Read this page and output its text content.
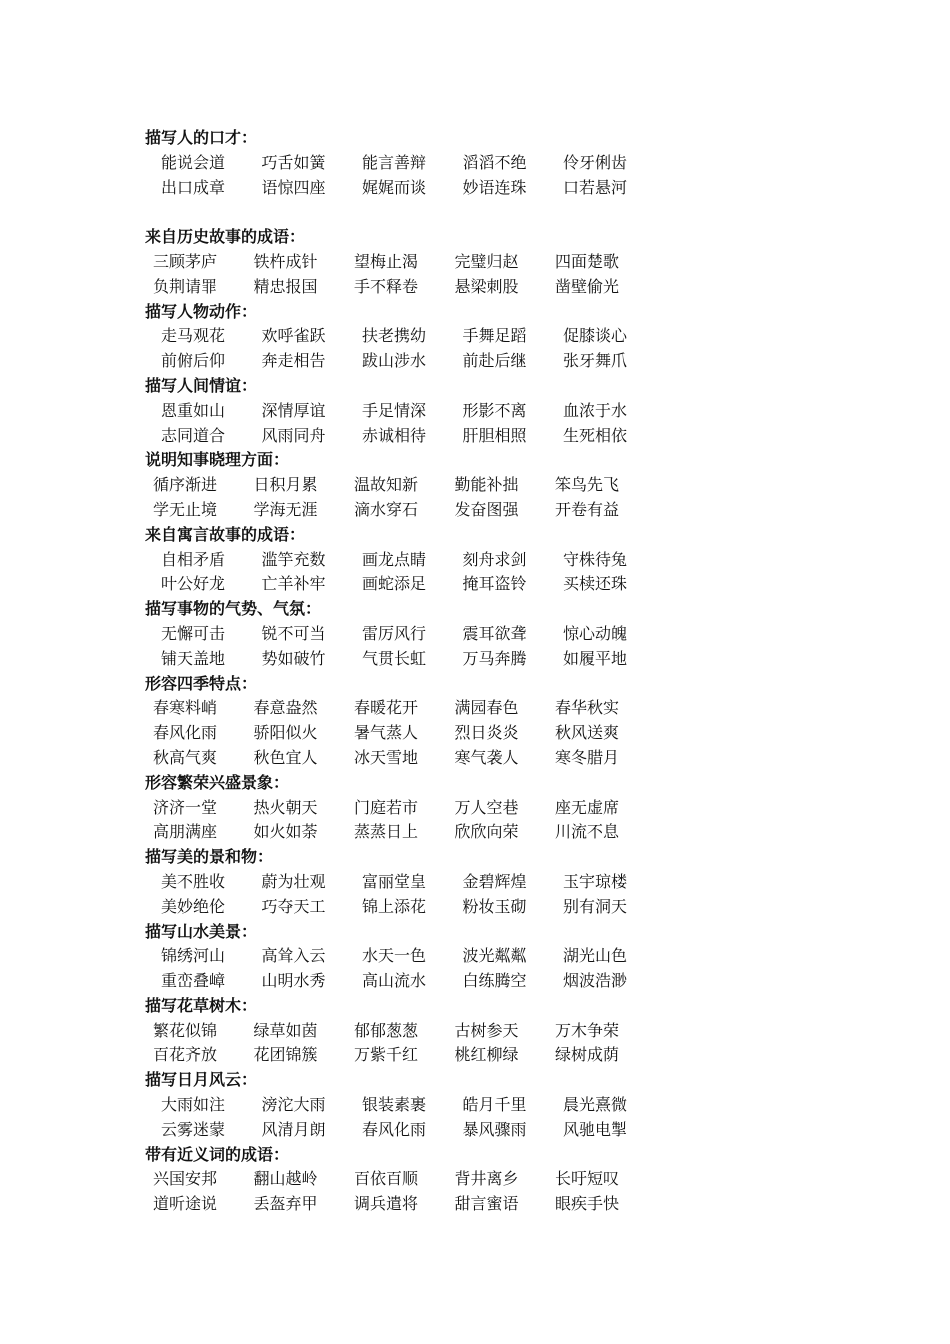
描写人的口才：
能说会道	巧舌如簧	能言善辩	滔滔不绝	伶牙俐齿
出口成章	语惊四座	娓娓而谈	妙语连珠	口若悬河
来自历史故事的成语：
三顾茅庐	铁杵成针	望梅止渴	完璧归赵	四面楚歌
负荆请罪	精忠报国	手不释卷	悬梁刺股	凿壁偷光
描写人物动作：
走马观花	欢呼雀跃	扶老携幼	手舞足蹈	促膝谈心
前俯后仰	奔走相告	跋山涉水	前赴后继	张牙舞爪
描写人间情谊：
恩重如山	深情厚谊	手足情深	形影不离	血浓于水
志同道合	风雨同舟	赤诚相待	肝胆相照	生死相依
说明知事晓理方面：
循序渐进	日积月累	温故知新	勤能补拙	笨鸟先飞
学无止境	学海无涯	滴水穿石	发奋图强	开卷有益
来自寓言故事的成语：
自相矛盾	滥竽充数	画龙点睛	刻舟求剑	守株待兔
叶公好龙	亡羊补牢	画蛇添足	掩耳盗铃	买椟还珠
描写事物的气势、气氛：
无懈可击	锐不可当	雷厉风行	震耳欲聋	惊心动魄
铺天盖地	势如破竹	气贯长虹	万马奔腾	如履平地
形容四季特点：
春寒料峭	春意盎然	春暖花开	满园春色	春华秋实
春风化雨	骄阳似火	暑气蒸人	烈日炎炎	秋风送爽
秋高气爽	秋色宜人	冰天雪地	寒气袭人	寒冬腊月
形容繁荣兴盛景象：
济济一堂	热火朝天	门庭若市	万人空巷	座无虚席
高朋满座	如火如荼	蒸蒸日上	欣欣向荣	川流不息
描写美的景和物：
美不胜收	蔚为壮观	富丽堂皇	金碧辉煌	玉宇琼楼
美妙绝伦	巧夺天工	锦上添花	粉妆玉砌	别有洞天
描写山水美景：
锦绣河山	高耸入云	水天一色	波光粼粼	湖光山色
重峦叠嶂	山明水秀	高山流水	白练腾空	烟波浩渺
描写花草树木：
繁花似锦	绿草如茵	郁郁葱葱	古树参天	万木争荣
百花齐放	花团锦簇	万紫千红	桃红柳绿	绿树成荫
描写日月风云：
大雨如注	滂沱大雨	银装素裹	皓月千里	晨光熹微
云雾迷蒙	风清月朗	春风化雨	暴风骤雨	风驰电掣
带有近义词的成语：
兴国安邦	翻山越岭	百依百顺	背井离乡	长吁短叹
道听途说	丢盔弃甲	调兵遣将	甜言蜜语	眼疾手快
